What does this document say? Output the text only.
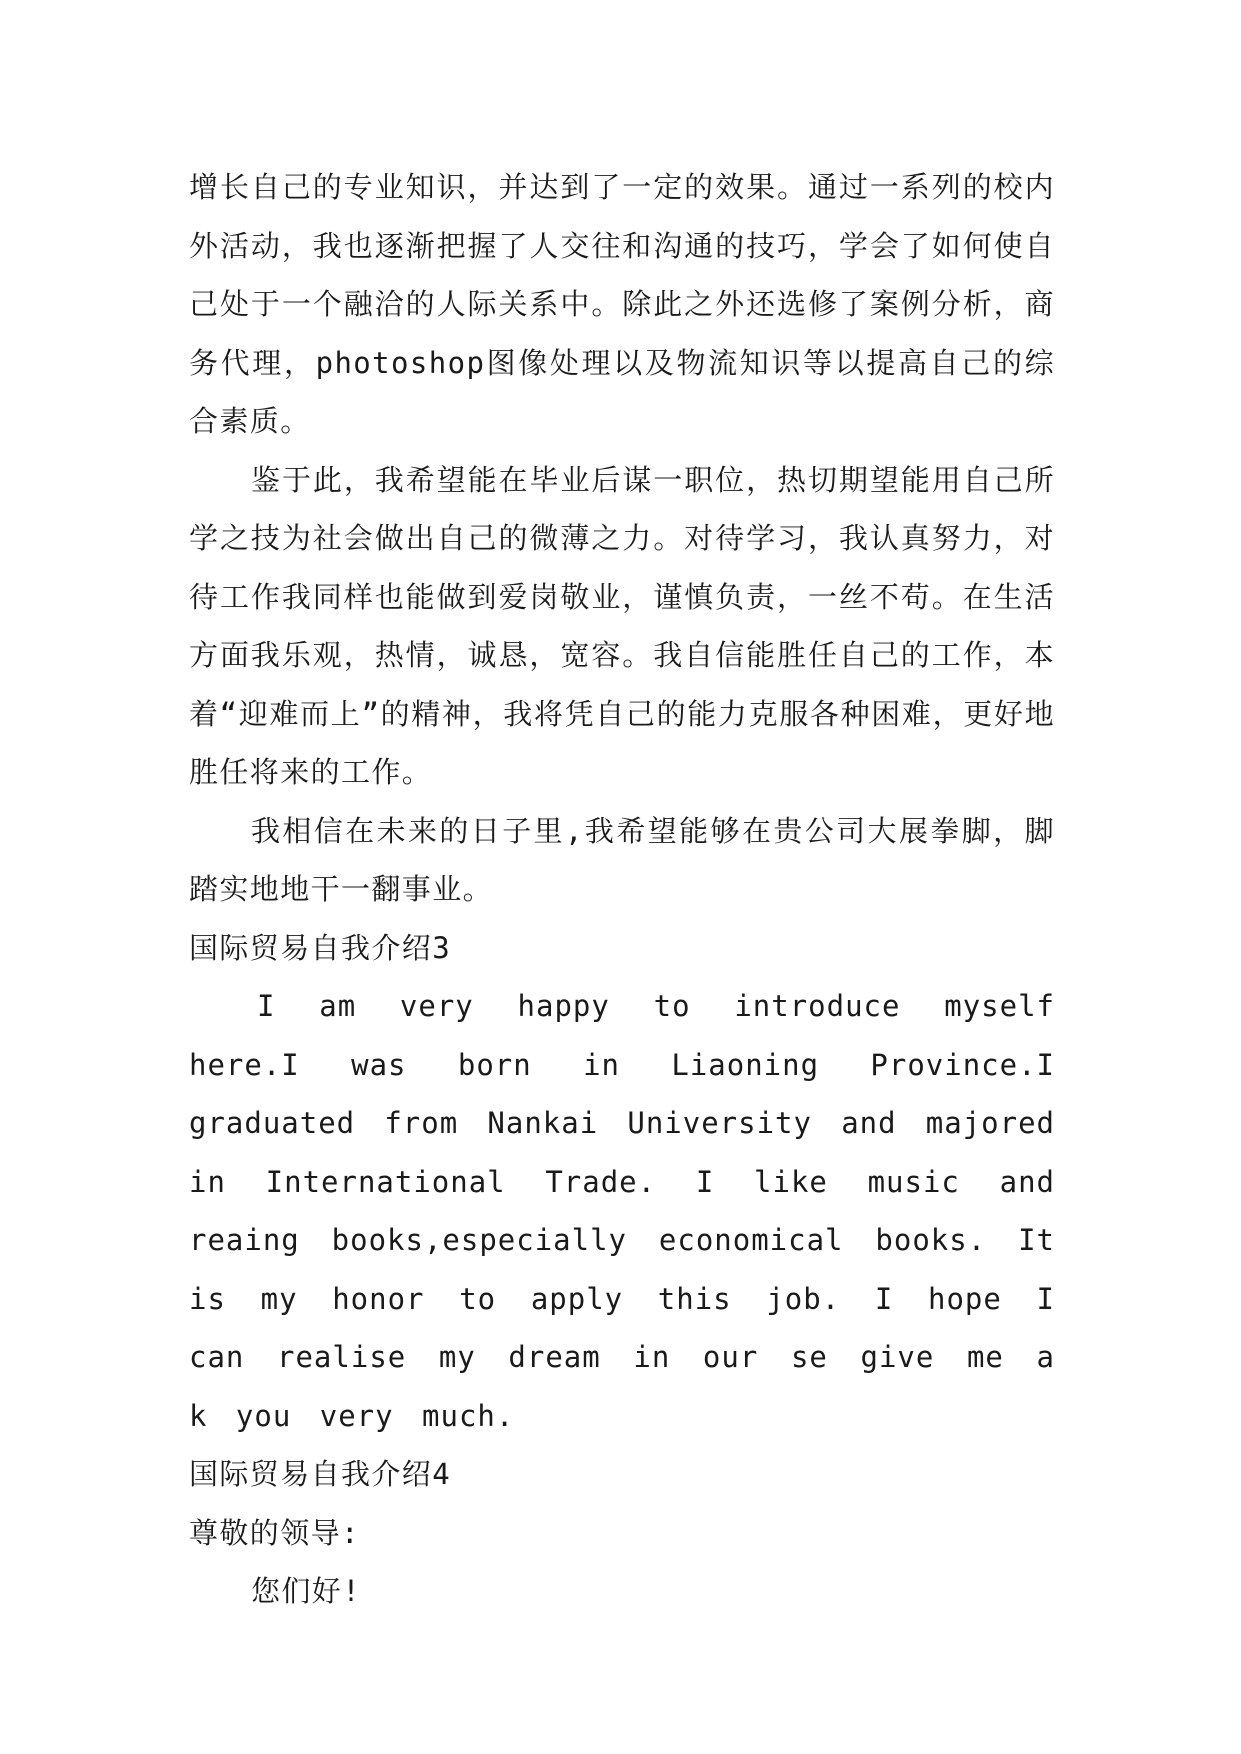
增长自己的专业知识，并达到了一定的效果。通过一系列的校内外活动，我也逐渐把握了人交往和沟通的技巧，学会了如何使自己处于一个融洽的人际关系中。除此之外还选修了案例分析，商务代理，photoshop图像处理以及物流知识等以提高自己的综合素质。

鉴于此，我希望能在毕业后谋一职位，热切期望能用自己所学之技为社会做出自己的微薄之力。对待学习，我认真努力，对待工作我同样也能做到爱岗敬业，谨慎负责，一丝不苟。在生活方面我乐观，热情，诚恳，宽容。我自信能胜任自己的工作，本着“迎难而上”的精神，我将凭自己的能力克服各种困难，更好地胜任将来的工作。

我相信在未来的日子里,我希望能够在贵公司大展拳脚，脚踏实地地干一翻事业。

国际贸易自我介绍3

I am very happy to introduce myself here.I was born in Liaoning Province.I graduated from Nankai University and majored in International Trade. I like music and reaing books,especially economical books. It is my honor to apply this job. I hope I can realise my dream in our se give me a k you very much.

国际贸易自我介绍4

尊敬的领导:

您们好!
